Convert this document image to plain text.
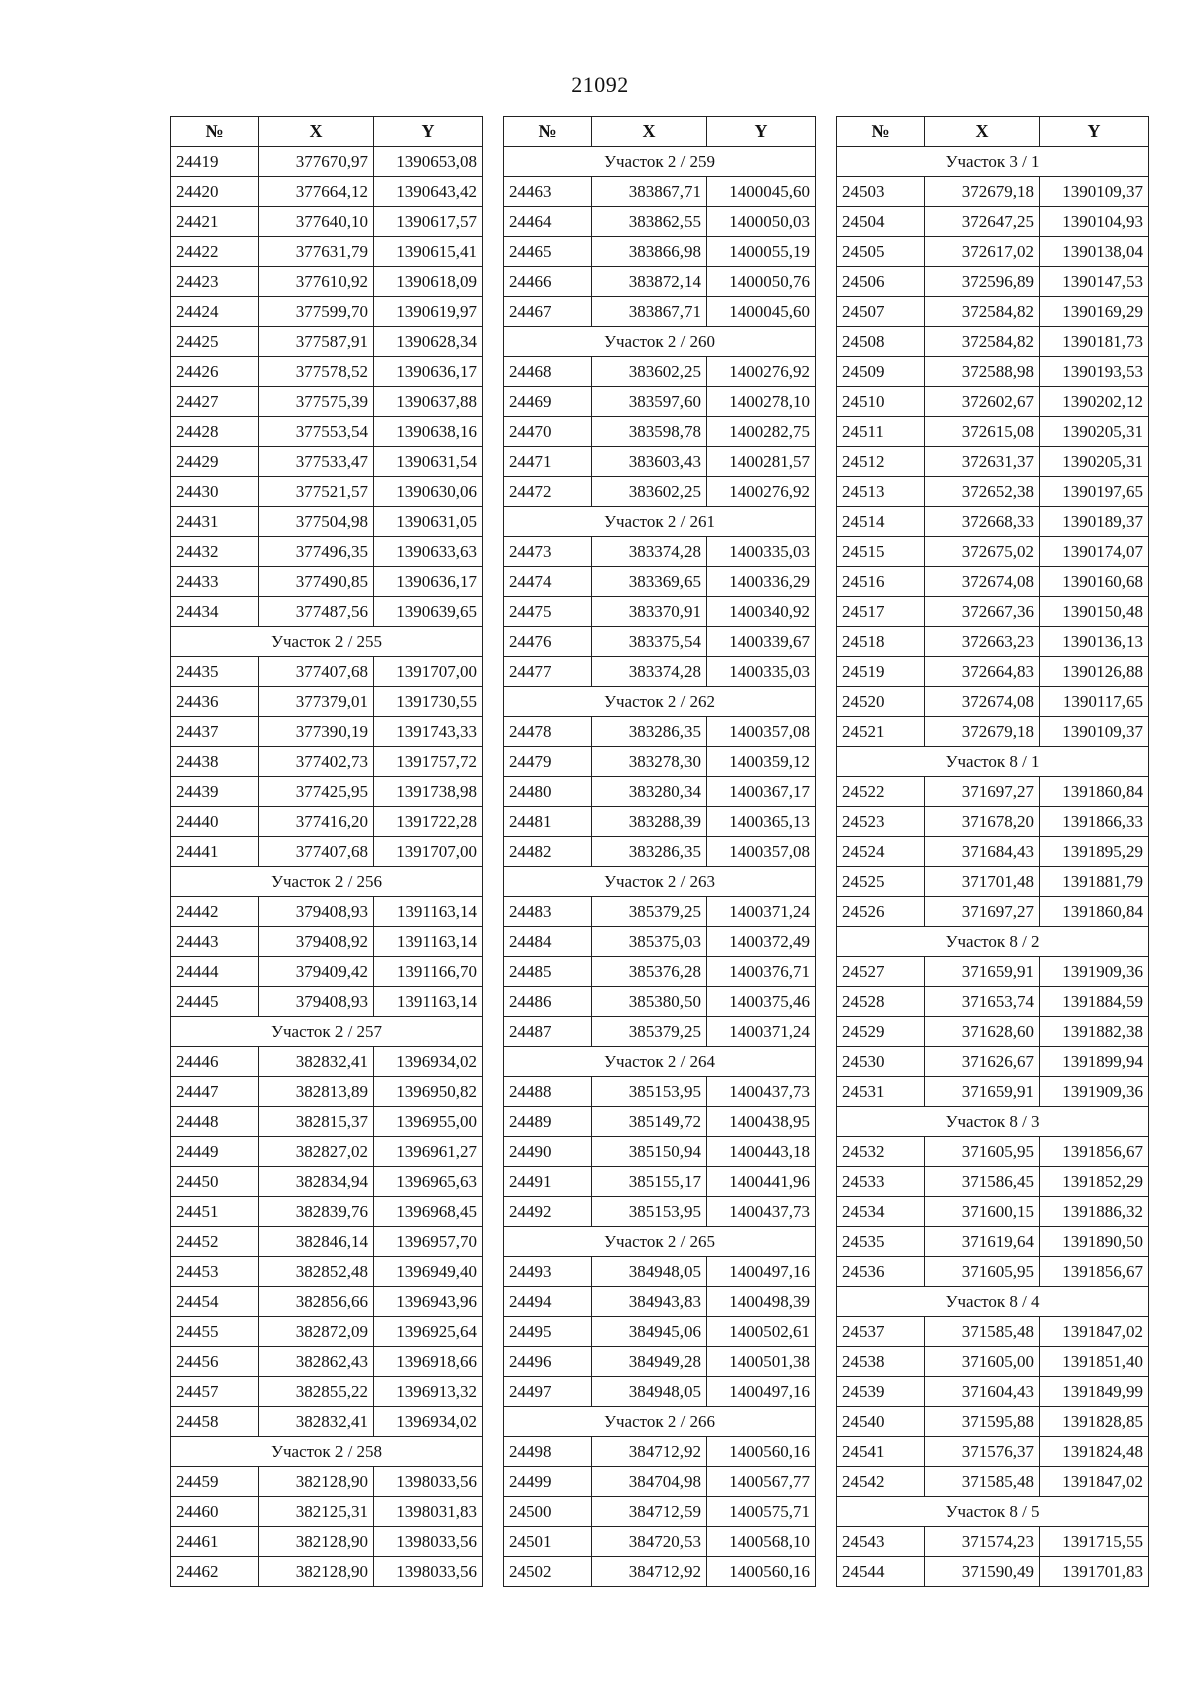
21092
№	X	Y
24419	377670,97	1390653,08
24420	377664,12	1390643,42
24421	377640,10	1390617,57
24422	377631,79	1390615,41
24423	377610,92	1390618,09
24424	377599,70	1390619,97
24425	377587,91	1390628,34
24426	377578,52	1390636,17
24427	377575,39	1390637,88
24428	377553,54	1390638,16
24429	377533,47	1390631,54
24430	377521,57	1390630,06
24431	377504,98	1390631,05
24432	377496,35	1390633,63
24433	377490,85	1390636,17
24434	377487,56	1390639,65
Участок 2 / 255		
24435	377407,68	1391707,00
24436	377379,01	1391730,55
24437	377390,19	1391743,33
24438	377402,73	1391757,72
24439	377425,95	1391738,98
24440	377416,20	1391722,28
24441	377407,68	1391707,00
Участок 2 / 256		
24442	379408,93	1391163,14
24443	379408,92	1391163,14
24444	379409,42	1391166,70
24445	379408,93	1391163,14
Участок 2 / 257		
24446	382832,41	1396934,02
24447	382813,89	1396950,82
24448	382815,37	1396955,00
24449	382827,02	1396961,27
24450	382834,94	1396965,63
24451	382839,76	1396968,45
24452	382846,14	1396957,70
24453	382852,48	1396949,40
24454	382856,66	1396943,96
24455	382872,09	1396925,64
24456	382862,43	1396918,66
24457	382855,22	1396913,32
24458	382832,41	1396934,02
Участок 2 / 258		
24459	382128,90	1398033,56
24460	382125,31	1398031,83
24461	382128,90	1398033,56
24462	382128,90	1398033,56
№	X	Y
Участок 2 / 259		
24463	383867,71	1400045,60
24464	383862,55	1400050,03
24465	383866,98	1400055,19
24466	383872,14	1400050,76
24467	383867,71	1400045,60
Участок 2 / 260		
24468	383602,25	1400276,92
24469	383597,60	1400278,10
24470	383598,78	1400282,75
24471	383603,43	1400281,57
24472	383602,25	1400276,92
Участок 2 / 261		
24473	383374,28	1400335,03
24474	383369,65	1400336,29
24475	383370,91	1400340,92
24476	383375,54	1400339,67
24477	383374,28	1400335,03
Участок 2 / 262		
24478	383286,35	1400357,08
24479	383278,30	1400359,12
24480	383280,34	1400367,17
24481	383288,39	1400365,13
24482	383286,35	1400357,08
Участок 2 / 263		
24483	385379,25	1400371,24
24484	385375,03	1400372,49
24485	385376,28	1400376,71
24486	385380,50	1400375,46
24487	385379,25	1400371,24
Участок 2 / 264		
24488	385153,95	1400437,73
24489	385149,72	1400438,95
24490	385150,94	1400443,18
24491	385155,17	1400441,96
24492	385153,95	1400437,73
Участок 2 / 265		
24493	384948,05	1400497,16
24494	384943,83	1400498,39
24495	384945,06	1400502,61
24496	384949,28	1400501,38
24497	384948,05	1400497,16
Участок 2 / 266		
24498	384712,92	1400560,16
24499	384704,98	1400567,77
24500	384712,59	1400575,71
24501	384720,53	1400568,10
24502	384712,92	1400560,16
№	X	Y
Участок 3 / 1		
24503	372679,18	1390109,37
24504	372647,25	1390104,93
24505	372617,02	1390138,04
24506	372596,89	1390147,53
24507	372584,82	1390169,29
24508	372584,82	1390181,73
24509	372588,98	1390193,53
24510	372602,67	1390202,12
24511	372615,08	1390205,31
24512	372631,37	1390205,31
24513	372652,38	1390197,65
24514	372668,33	1390189,37
24515	372675,02	1390174,07
24516	372674,08	1390160,68
24517	372667,36	1390150,48
24518	372663,23	1390136,13
24519	372664,83	1390126,88
24520	372674,08	1390117,65
24521	372679,18	1390109,37
Участок 8 / 1		
24522	371697,27	1391860,84
24523	371678,20	1391866,33
24524	371684,43	1391895,29
24525	371701,48	1391881,79
24526	371697,27	1391860,84
Участок 8 / 2		
24527	371659,91	1391909,36
24528	371653,74	1391884,59
24529	371628,60	1391882,38
24530	371626,67	1391899,94
24531	371659,91	1391909,36
Участок 8 / 3		
24532	371605,95	1391856,67
24533	371586,45	1391852,29
24534	371600,15	1391886,32
24535	371619,64	1391890,50
24536	371605,95	1391856,67
Участок 8 / 4		
24537	371585,48	1391847,02
24538	371605,00	1391851,40
24539	371604,43	1391849,99
24540	371595,88	1391828,85
24541	371576,37	1391824,48
24542	371585,48	1391847,02
Участок 8 / 5		
24543	371574,23	1391715,55
24544	371590,49	1391701,83
